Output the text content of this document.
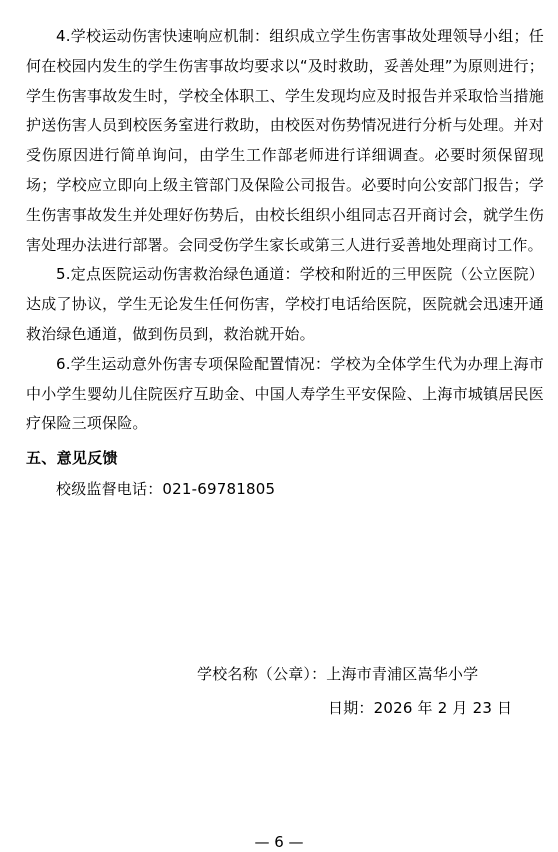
4.学校运动伤害快速响应机制：组织成立学生伤害事故处理领导小组；任何在校园内发生的学生伤害事故均要求以“及时救助，妥善处理”为原则进行；学生伤害事故发生时，学校全体职工、学生发现均应及时报告并采取恰当措施护送伤害人员到校医务室进行救助，由校医对伤势情况进行分析与处理。并对受伤原因进行简单询问，由学生工作部老师进行详细调查。必要时须保留现场；学校应立即向上级主管部门及保险公司报告。必要时向公安部门报告；学生伤害事故发生并处理好伤势后，由校长组织小组同志召开商讨会，就学生伤害处理办法进行部署。会同受伤学生家长或第三人进行妥善地处理商讨工作。

5.定点医院运动伤害救治绿色通道：学校和附近的三甲医院（公立医院）达成了协议，学生无论发生任何伤害，学校打电话给医院，医院就会迅速开通救治绿色通道，做到伤员到，救治就开始。

6.学生运动意外伤害专项保险配置情况：学校为全体学生代为办理上海市中小学生婴幼儿住院医疗互助金、中国人寿学生平安保险、上海市城镇居民医疗保险三项保险。

五、意见反馈

校级监督电话：021-69781805

学校名称（公章）：上海市青浦区嵩华小学
日期：2026 年 2 月 23 日
— 6 —
